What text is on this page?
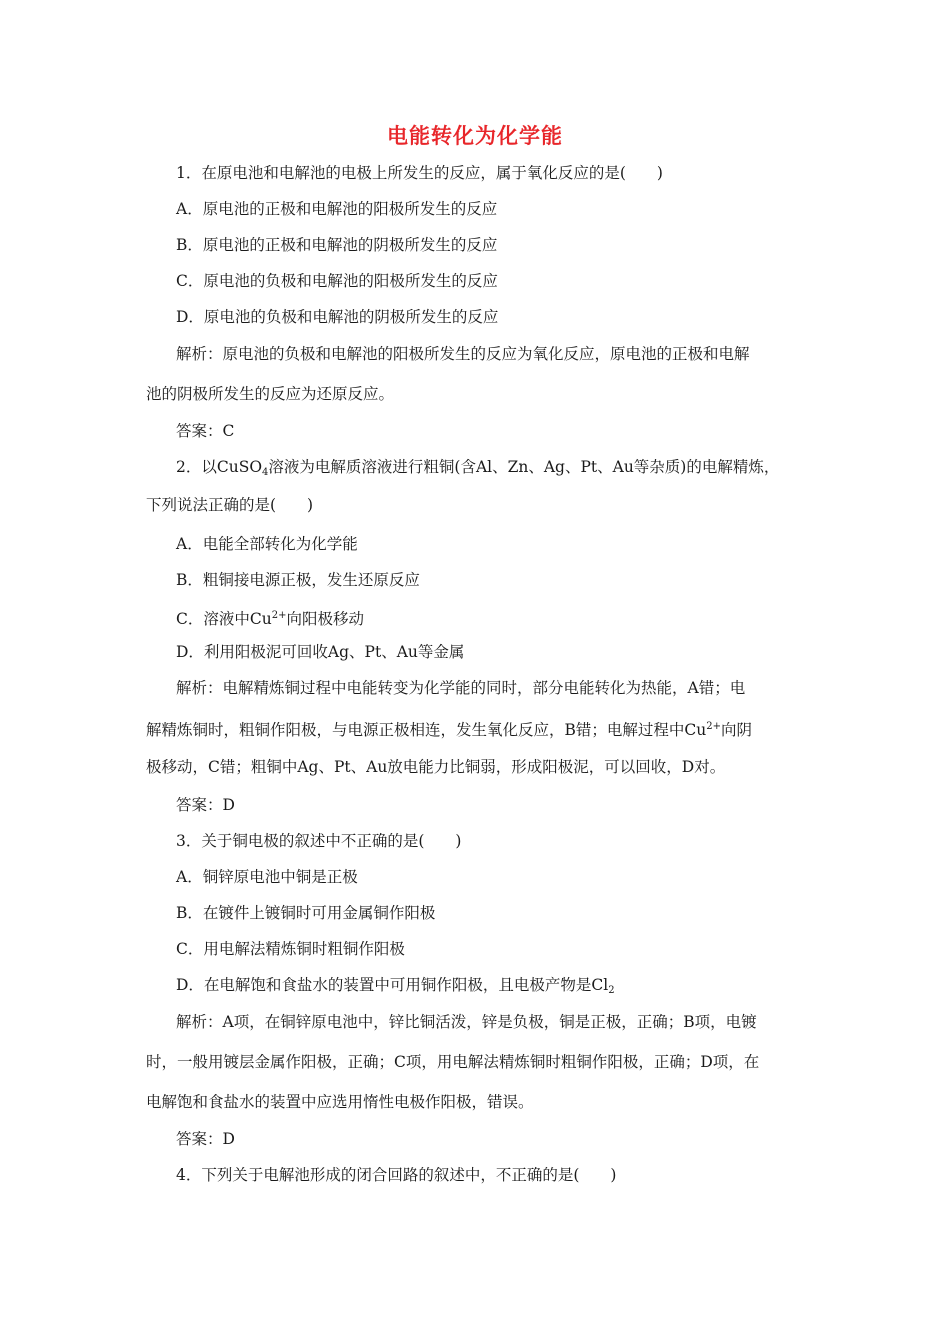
电能转化为化学能
1．在原电池和电解池的电极上所发生的反应，属于氧化反应的是(　　)
A．原电池的正极和电解池的阳极所发生的反应
B．原电池的正极和电解池的阴极所发生的反应
C．原电池的负极和电解池的阳极所发生的反应
D．原电池的负极和电解池的阴极所发生的反应
解析：原电池的负极和电解池的阳极所发生的反应为氧化反应，原电池的正极和电解
池的阴极所发生的反应为还原反应。
答案：C
2．以CuSO$_4$溶液为电解质溶液进行粗铜(含Al、Zn、Ag、Pt、Au等杂质)的电解精炼，
下列说法正确的是(　　)
A．电能全部转化为化学能
B．粗铜接电源正极，发生还原反应
C．溶液中$Cu^{2+}$向阳极移动
D．利用阳极泥可回收Ag、Pt、Au等金属
解析：电解精炼铜过程中电能转变为化学能的同时，部分电能转化为热能，A错；电
解精炼铜时，粗铜作阳极，与电源正极相连，发生氧化反应，B错；电解过程中$Cu^{2+}$向阴
极移动，C错；粗铜中Ag、Pt、Au放电能力比铜弱，形成阳极泥，可以回收，D对。
答案：D
3．关于铜电极的叙述中不正确的是(　　)
A．铜锌原电池中铜是正极
B．在镀件上镀铜时可用金属铜作阳极
C．用电解法精炼铜时粗铜作阳极
D．在电解饱和食盐水的装置中可用铜作阳极，且电极产物是$Cl_2$
解析：A项，在铜锌原电池中，锌比铜活泼，锌是负极，铜是正极，正确；B项，电镀
时，一般用镀层金属作阳极，正确；C项，用电解法精炼铜时粗铜作阳极，正确；D项，在
电解饱和食盐水的装置中应选用惰性电极作阳极，错误。
答案：D
4．下列关于电解池形成的闭合回路的叙述中，不正确的是(　　)
